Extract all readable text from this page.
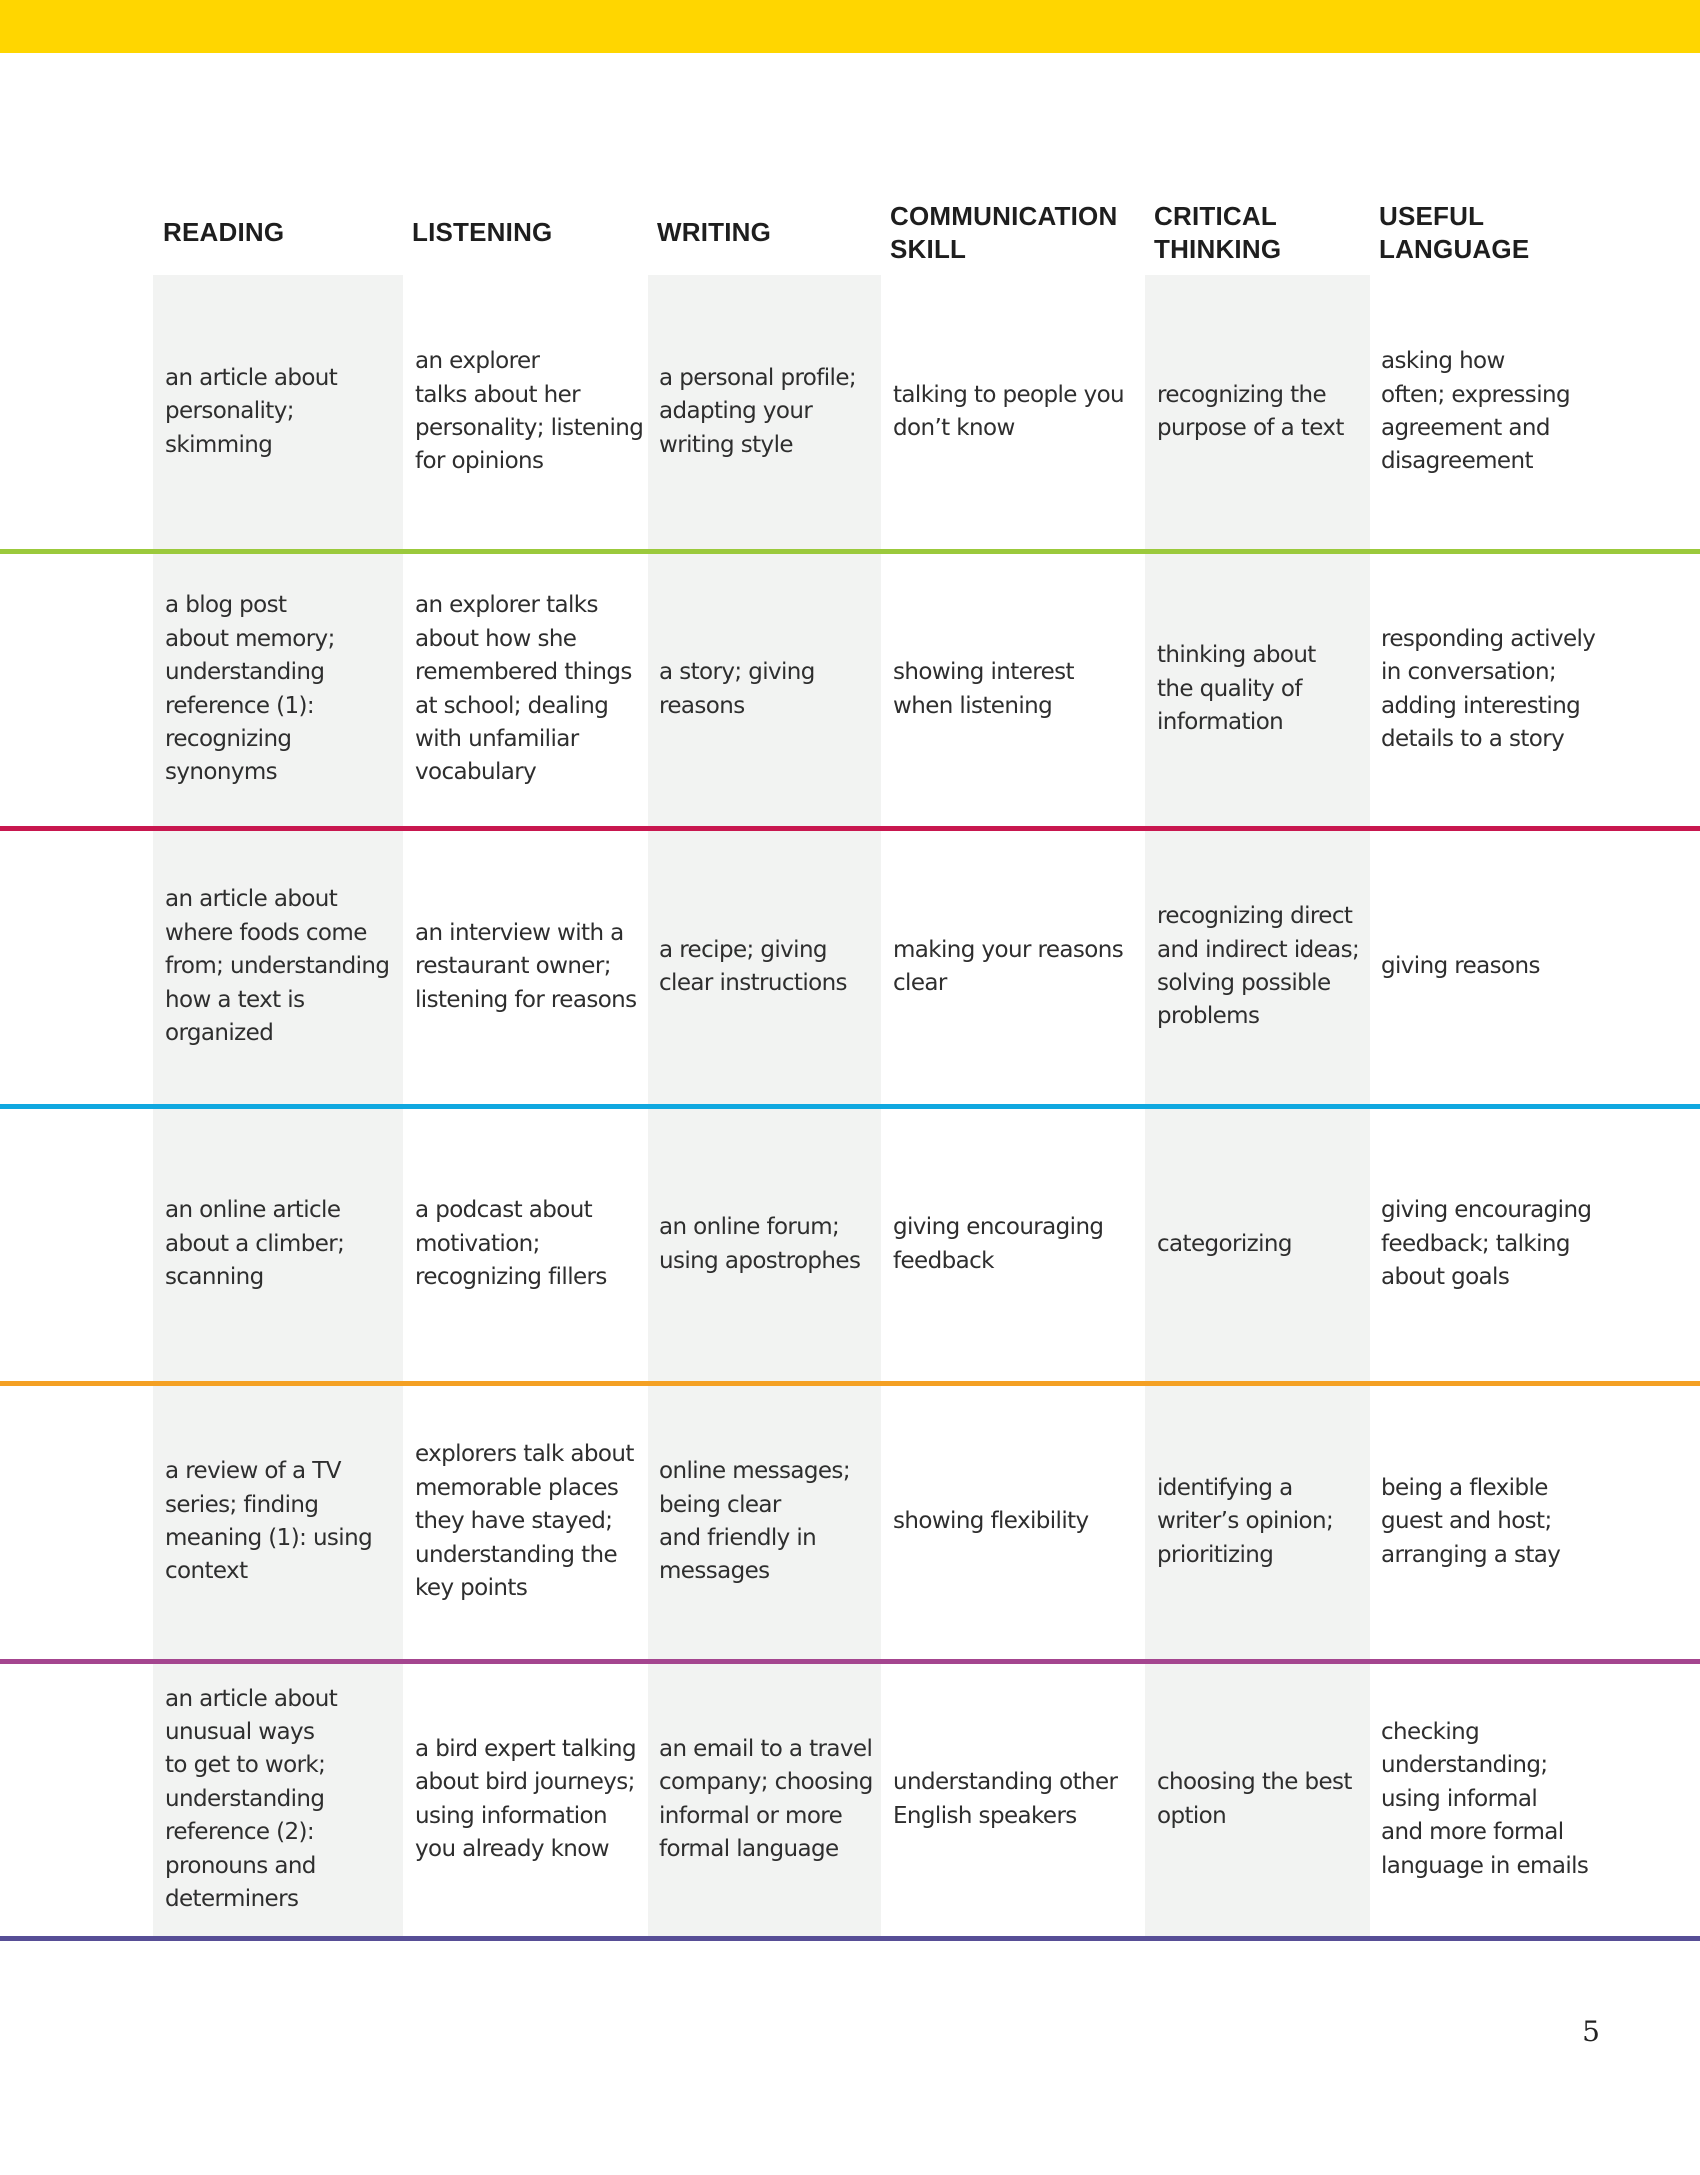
READING	LISTENING	WRITING
COMMUNICATION
SKILL
CRITICAL
THINKING
USEFUL LANGUAGE
an article about
personality;
skimming
an explorer
talks about her
personality; listening
for opinions
a personal profile;
adapting your
writing style
talking to people you
don’t know
recognizing the
purpose of a text
asking how
often; expressing
agreement and
disagreement
a blog post
about memory;
understanding
reference (1):
recognizing
synonyms
an explorer talks
about how she
remembered things
at school; dealing
with unfamiliar
vocabulary
a story; giving
reasons
showing interest
when listening
thinking about
the quality of
information
responding actively
in conversation;
adding interesting
details to a story
an article about
where foods come
from; understanding
how a text is
organized
an interview with a
restaurant owner;
listening for reasons
a recipe; giving
clear instructions
making your reasons
clear
recognizing direct
and indirect ideas;
solving possible
problems
giving reasons
an online article
about a climber;
scanning
a podcast about
motivation;
recognizing fillers
an online forum;
using apostrophes
giving encouraging
feedback
categorizing
giving encouraging
feedback; talking
about goals
a review of a TV
series; finding
meaning (1): using
context
explorers talk about
memorable places
they have stayed;
understanding the
key points
online messages;
being clear
and friendly in
messages
showing flexibility
identifying a
writer’s opinion;
prioritizing
being a flexible
guest and host;
arranging a stay
an article about
unusual ways
to get to work;
understanding
reference (2):
pronouns and
determiners
a bird expert talking
about bird journeys;
using information
you already know
an email to a travel
company; choosing
informal or more
formal language
understanding other
English speakers
choosing the best
option
checking
understanding;
using informal
and more formal
language in emails
5
